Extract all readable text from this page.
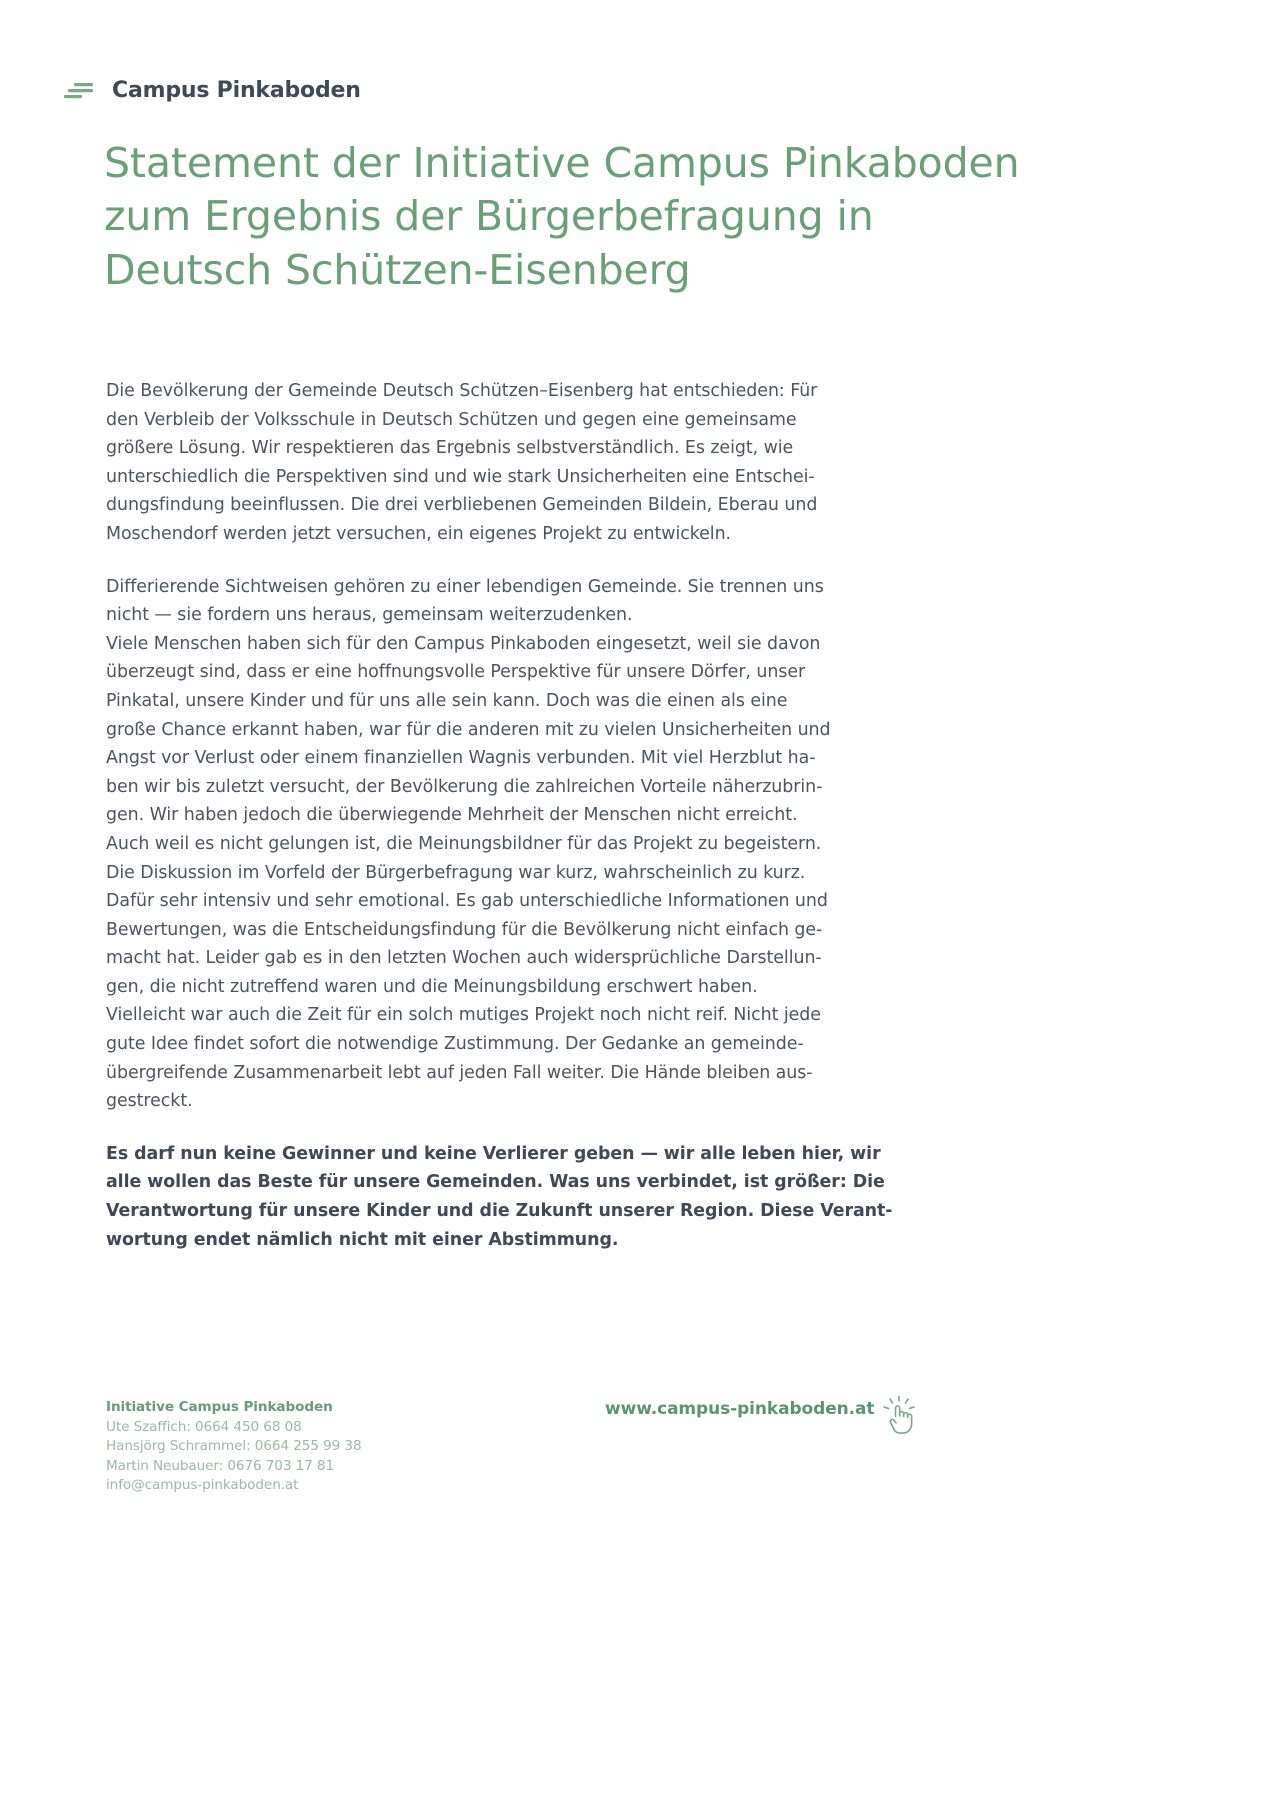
Campus Pinkaboden
Statement der Initiative Campus Pinkaboden
zum Ergebnis der Bürgerbefragung in
Deutsch Schützen-Eisenberg

Die Bevölkerung der Gemeinde Deutsch Schützen–Eisenberg hat entschieden: Für
den Verbleib der Volksschule in Deutsch Schützen und gegen eine gemeinsame
größere Lösung. Wir respektieren das Ergebnis selbstverständlich. Es zeigt, wie
unterschiedlich die Perspektiven sind und wie stark Unsicherheiten eine Entschei-
dungsfindung beeinflussen. Die drei verbliebenen Gemeinden Bildein, Eberau und
Moschendorf werden jetzt versuchen, ein eigenes Projekt zu entwickeln.

Differierende Sichtweisen gehören zu einer lebendigen Gemeinde. Sie trennen uns
nicht — sie fordern uns heraus, gemeinsam weiterzudenken.
Viele Menschen haben sich für den Campus Pinkaboden eingesetzt, weil sie davon
überzeugt sind, dass er eine hoffnungsvolle Perspektive für unsere Dörfer, unser
Pinkatal, unsere Kinder und für uns alle sein kann. Doch was die einen als eine
große Chance erkannt haben, war für die anderen mit zu vielen Unsicherheiten und
Angst vor Verlust oder einem finanziellen Wagnis verbunden. Mit viel Herzblut ha-
ben wir bis zuletzt versucht, der Bevölkerung die zahlreichen Vorteile näherzubrin-
gen. Wir haben jedoch die überwiegende Mehrheit der Menschen nicht erreicht.
Auch weil es nicht gelungen ist, die Meinungsbildner für das Projekt zu begeistern.
Die Diskussion im Vorfeld der Bürgerbefragung war kurz, wahrscheinlich zu kurz.
Dafür sehr intensiv und sehr emotional. Es gab unterschiedliche Informationen und
Bewertungen, was die Entscheidungsfindung für die Bevölkerung nicht einfach ge-
macht hat. Leider gab es in den letzten Wochen auch widersprüchliche Darstellun-
gen, die nicht zutreffend waren und die Meinungsbildung erschwert haben.
Vielleicht war auch die Zeit für ein solch mutiges Projekt noch nicht reif. Nicht jede
gute Idee findet sofort die notwendige Zustimmung. Der Gedanke an gemeinde-
übergreifende Zusammenarbeit lebt auf jeden Fall weiter. Die Hände bleiben aus-
gestreckt.

Es darf nun keine Gewinner und keine Verlierer geben — wir alle leben hier, wir
alle wollen das Beste für unsere Gemeinden. Was uns verbindet, ist größer: Die
Verantwortung für unsere Kinder und die Zukunft unserer Region. Diese Verant-
wortung endet nämlich nicht mit einer Abstimmung.

Initiative Campus Pinkaboden
Ute Szaffich: 0664 450 68 08
Hansjörg Schrammel: 0664 255 99 38
Martin Neubauer: 0676 703 17 81
info@campus-pinkaboden.at
www.campus-pinkaboden.at
